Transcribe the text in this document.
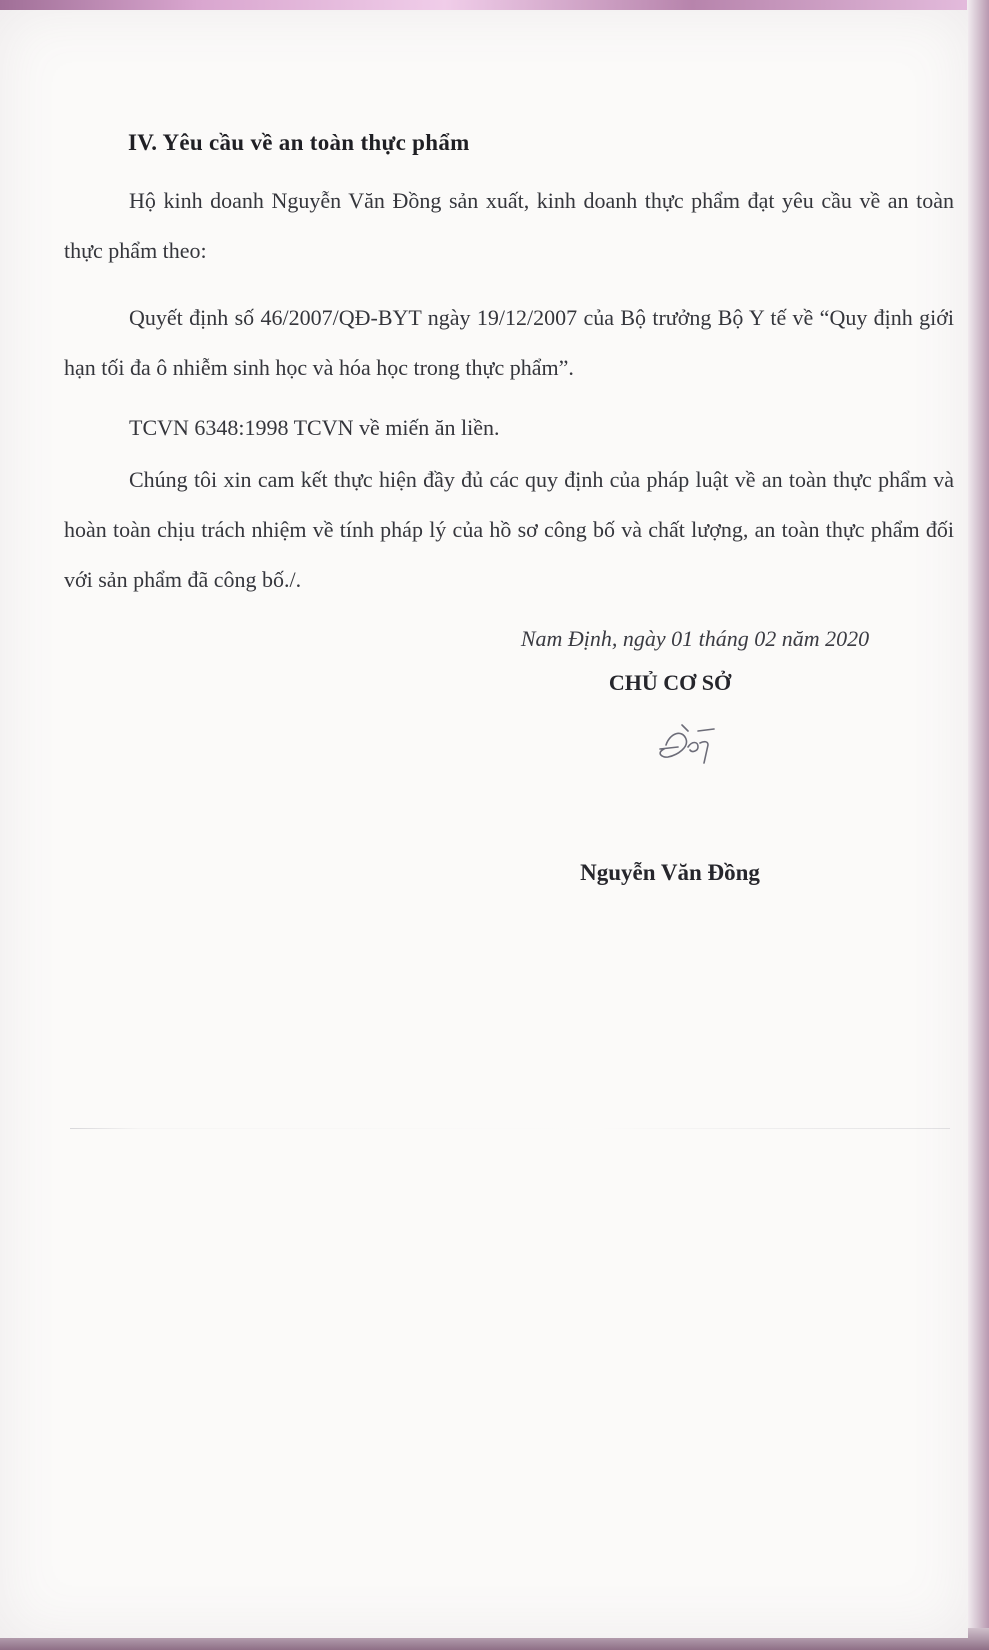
IV. Yêu cầu về an toàn thực phẩm

Hộ kinh doanh Nguyễn Văn Đồng sản xuất, kinh doanh thực phẩm đạt yêu cầu về an toàn thực phẩm theo:

Quyết định số 46/2007/QĐ-BYT ngày 19/12/2007 của Bộ trưởng Bộ Y tế về “Quy định giới hạn tối đa ô nhiễm sinh học và hóa học trong thực phẩm”.

TCVN 6348:1998 TCVN về miến ăn liền.

Chúng tôi xin cam kết thực hiện đầy đủ các quy định của pháp luật về an toàn thực phẩm và hoàn toàn chịu trách nhiệm về tính pháp lý của hồ sơ công bố và chất lượng, an toàn thực phẩm đối với sản phẩm đã công bố./.

Nam Định, ngày 01 tháng 02 năm 2020

CHỦ CƠ SỞ

Nguyễn Văn Đồng
